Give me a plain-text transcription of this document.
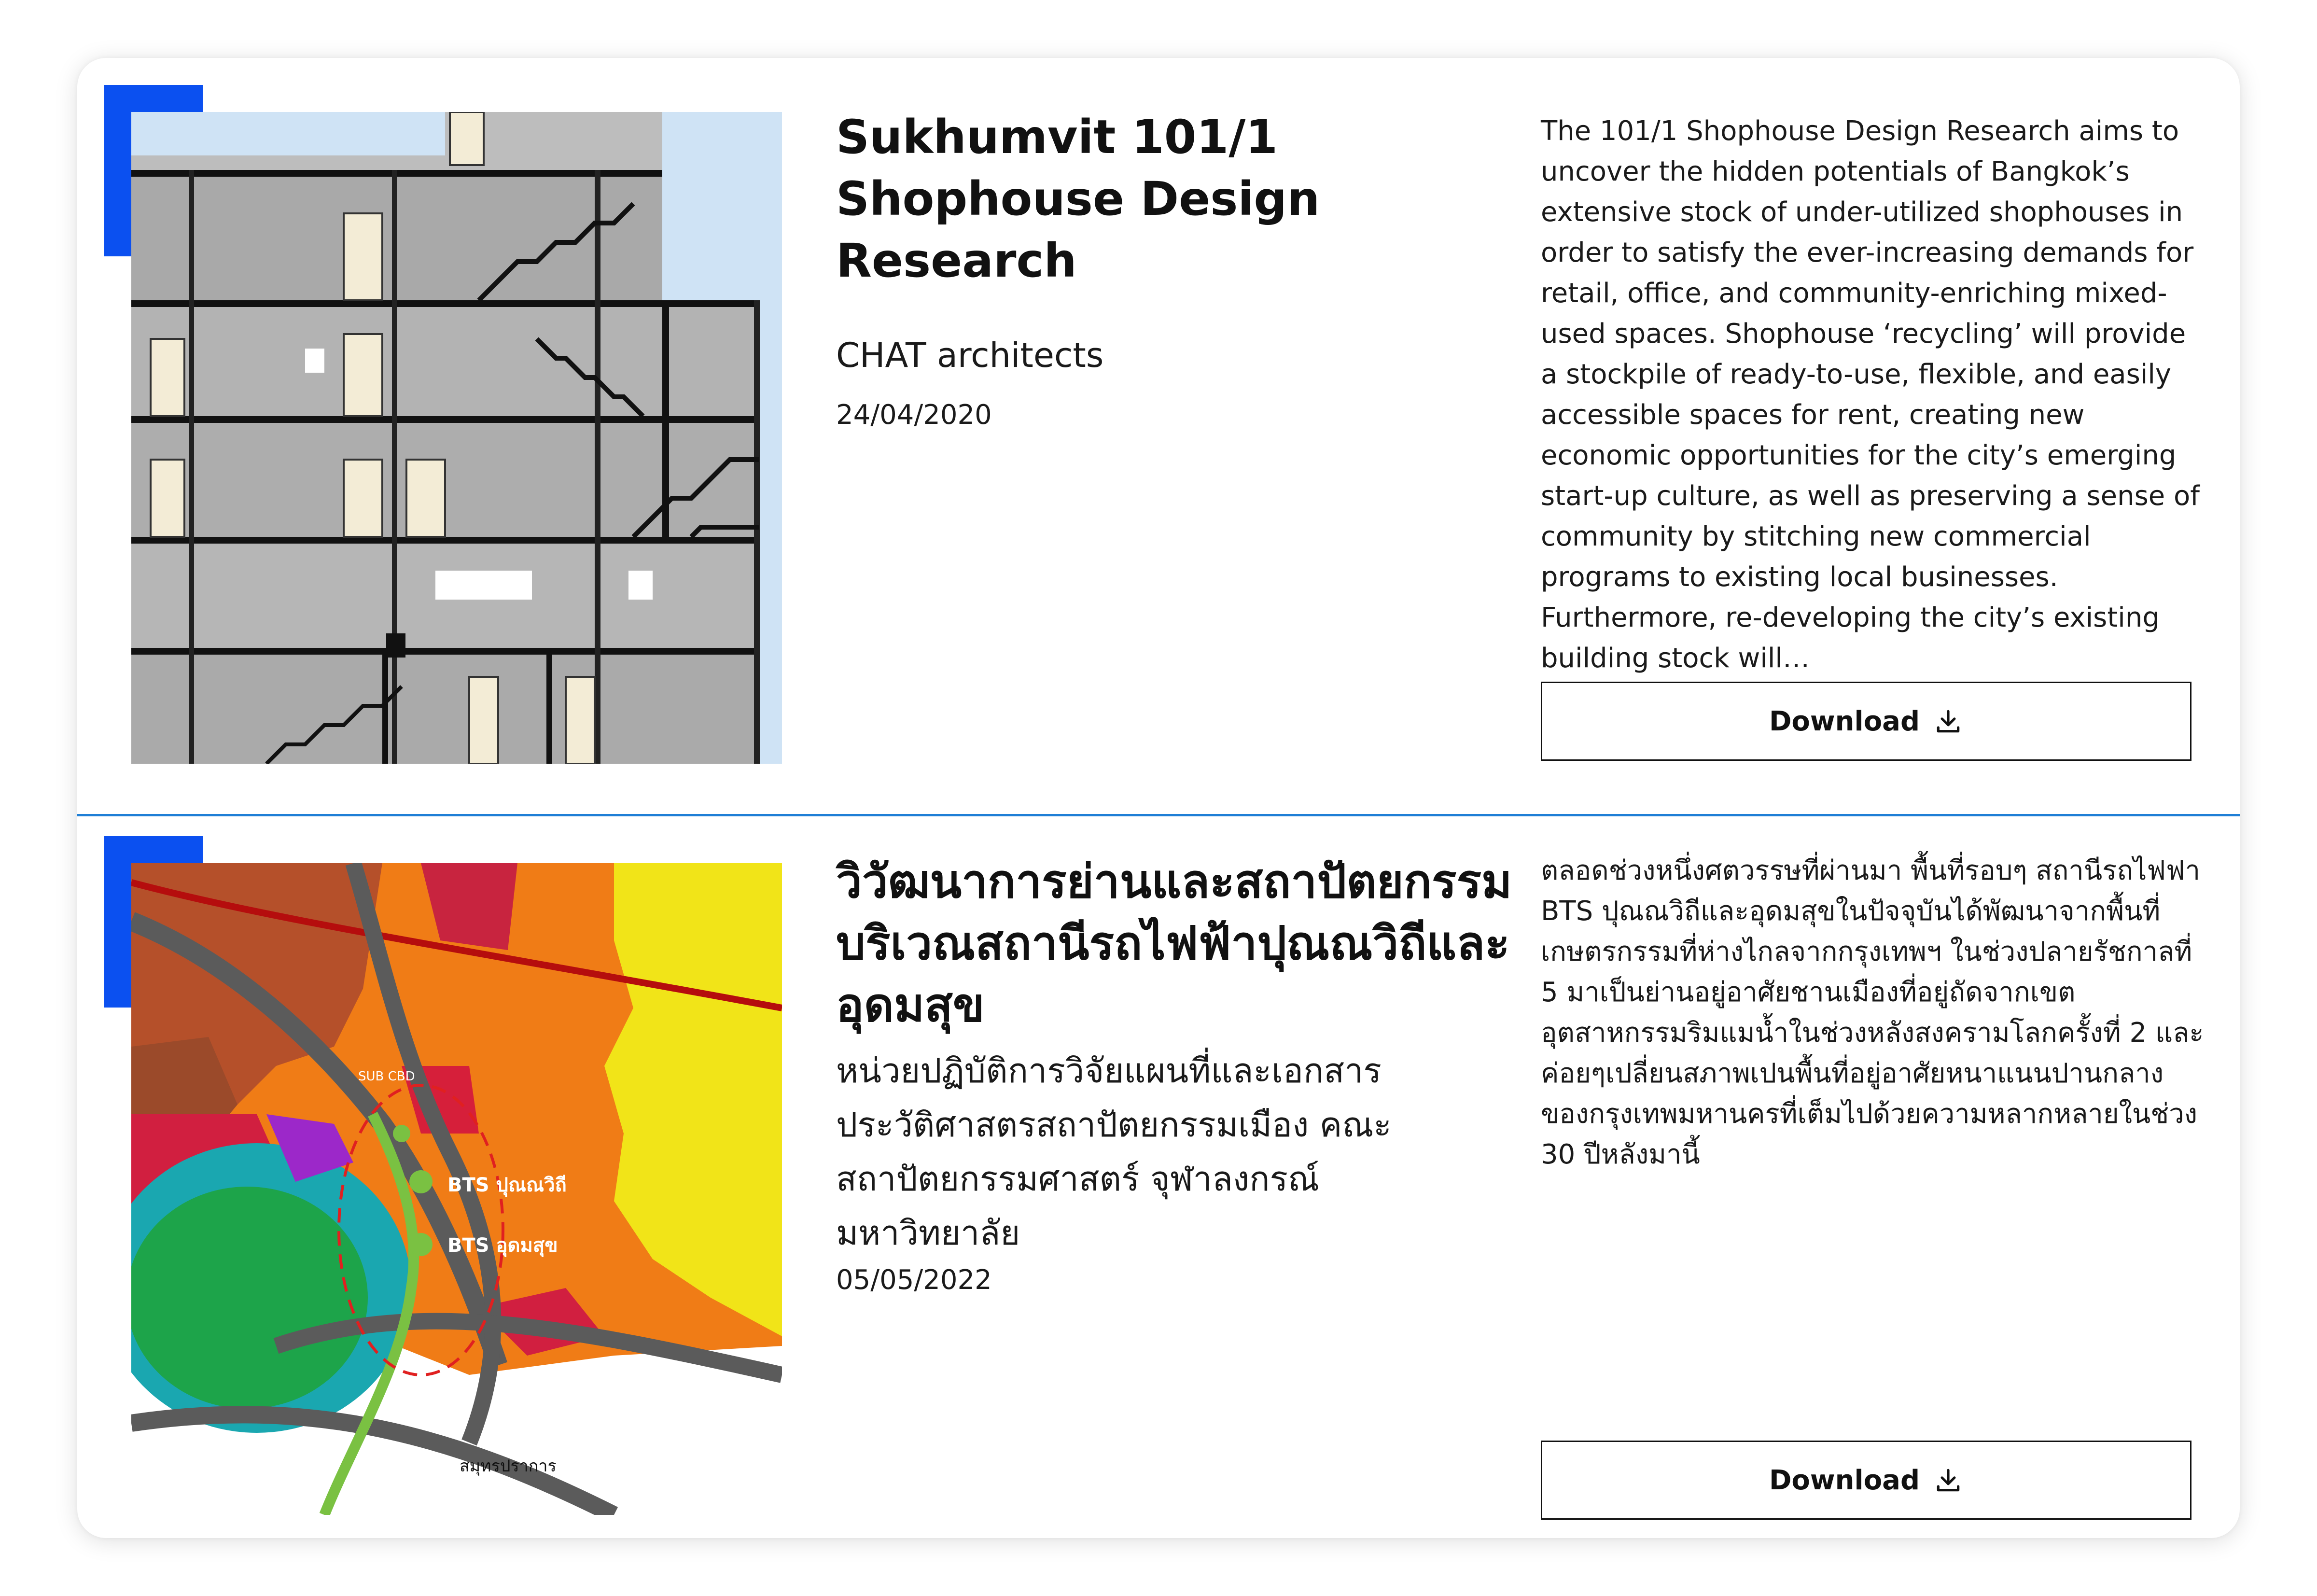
Sukhumvit 101/1 Shophouse Design Research
CHAT architects
24/04/2020
The 101/1 Shophouse Design Research aims to uncover the hidden potentials of Bangkok’s extensive stock of under-utilized shophouses in order to satisfy the ever-increasing demands for retail, office, and community-enriching mixed-used spaces. Shophouse ‘recycling’ will provide a stockpile of ready-to-use, flexible, and easily accessible spaces for rent, creating new economic opportunities for the city’s emerging start-up culture, as well as preserving a sense of community by stitching new commercial programs to existing local businesses. Furthermore, re-developing the city’s existing building stock will…
Download
BTS ปุณณวิถี
BTS อุดมสุข
SUB CBD
สมุทรปราการ
วิวัฒนาการย่านและสถาปัตยกรรมบริเวณสถานีรถไฟฟ้าปุณณวิถีและอุดมสุข
หน่วยปฏิบัติการวิจัยแผนที่และเอกสารประวัติศาสตรสถาปัตยกรรมเมือง คณะสถาปัตยกรรมศาสตร์ จุฬาลงกรณ์มหาวิทยาลัย
05/05/2022
ตลอดช่วงหนึ่งศตวรรษที่ผ่านมา พื้นที่รอบๆ สถานีรถไฟฟา BTS ปุณณวิถีและอุดมสุขในปัจจุบันได้พัฒนาจากพื้นที่เกษตรกรรมที่ห่างไกลจากกรุงเทพฯ ในช่วงปลายรัชกาลที่ 5 มาเป็นย่านอยู่อาศัยชานเมืองที่อยู่ถัดจากเขตอุตสาหกรรมริมแมน้ำในช่วงหลังสงครามโลกครั้งที่ 2 และค่อยๆเปลี่ยนสภาพเปนพื้นที่อยู่อาศัยหนาแนนปานกลางของกรุงเทพมหานครที่เต็มไปด้วยความหลากหลายในช่วง 30 ปีหลังมานี้
Download
